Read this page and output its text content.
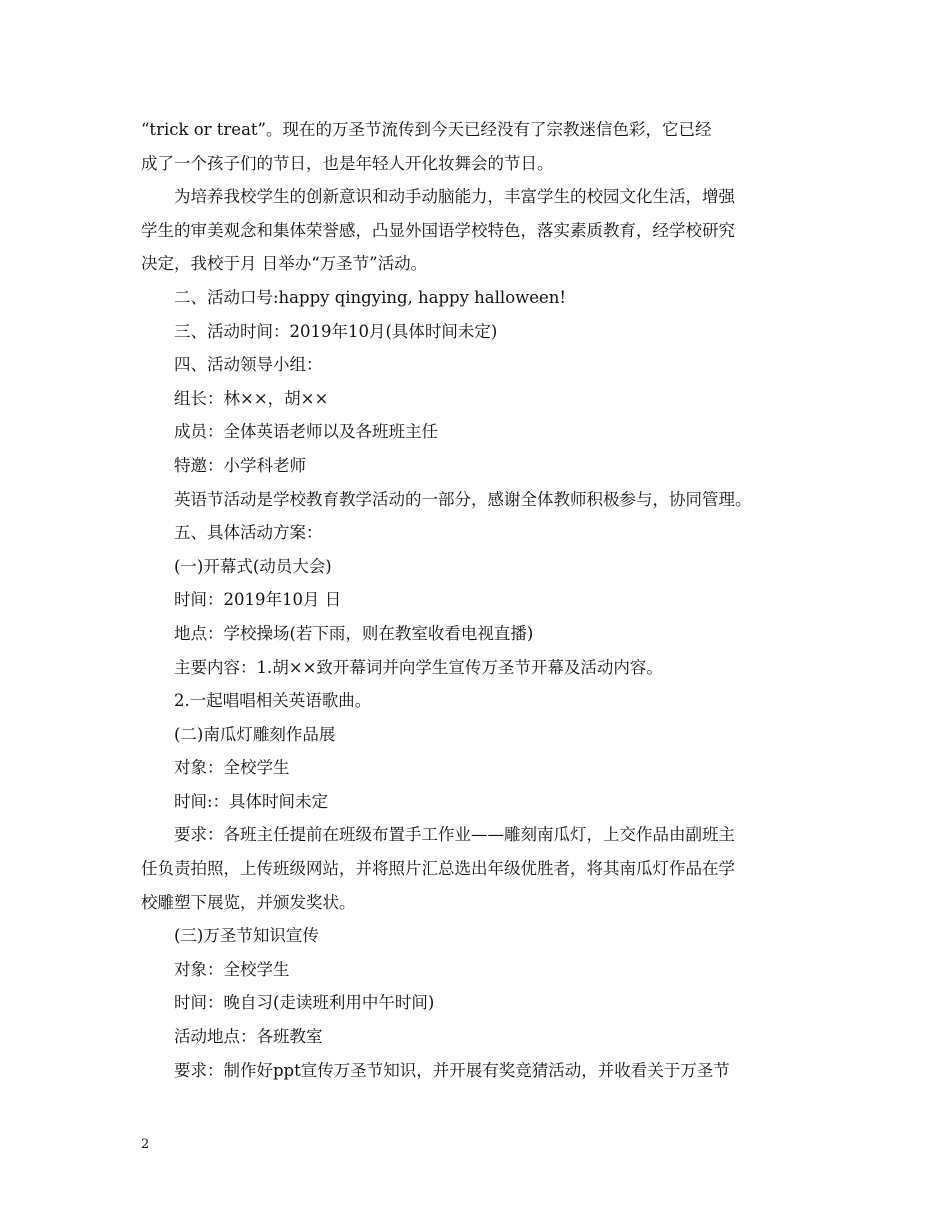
“trick or treat”。现在的万圣节流传到今天已经没有了宗教迷信色彩，它已经
成了一个孩子们的节日，也是年轻人开化妆舞会的节日。
为培养我校学生的创新意识和动手动脑能力，丰富学生的校园文化生活，增强
学生的审美观念和集体荣誉感，凸显外国语学校特色，落实素质教育，经学校研究
决定，我校于月 日举办“万圣节”活动。
二、活动口号:happy qingying, happy halloween!
三、活动时间：2019年10月(具体时间未定)
四、活动领导小组：
组长：林××，胡××
成员：全体英语老师以及各班班主任
特邀：小学科老师
英语节活动是学校教育教学活动的一部分，感谢全体教师积极参与，协同管理。
五、具体活动方案：
(一)开幕式(动员大会)
时间：2019年10月 日
地点：学校操场(若下雨，则在教室收看电视直播)
主要内容：1.胡××致开幕词并向学生宣传万圣节开幕及活动内容。
2.一起唱唱相关英语歌曲。
(二)南瓜灯雕刻作品展
对象：全校学生
时间:：具体时间未定
要求：各班主任提前在班级布置手工作业——雕刻南瓜灯，上交作品由副班主
任负责拍照，上传班级网站，并将照片汇总选出年级优胜者，将其南瓜灯作品在学
校雕塑下展览，并颁发奖状。
(三)万圣节知识宣传
对象：全校学生
时间：晚自习(走读班利用中午时间)
活动地点：各班教室
要求：制作好ppt宣传万圣节知识，并开展有奖竞猜活动，并收看关于万圣节
2
